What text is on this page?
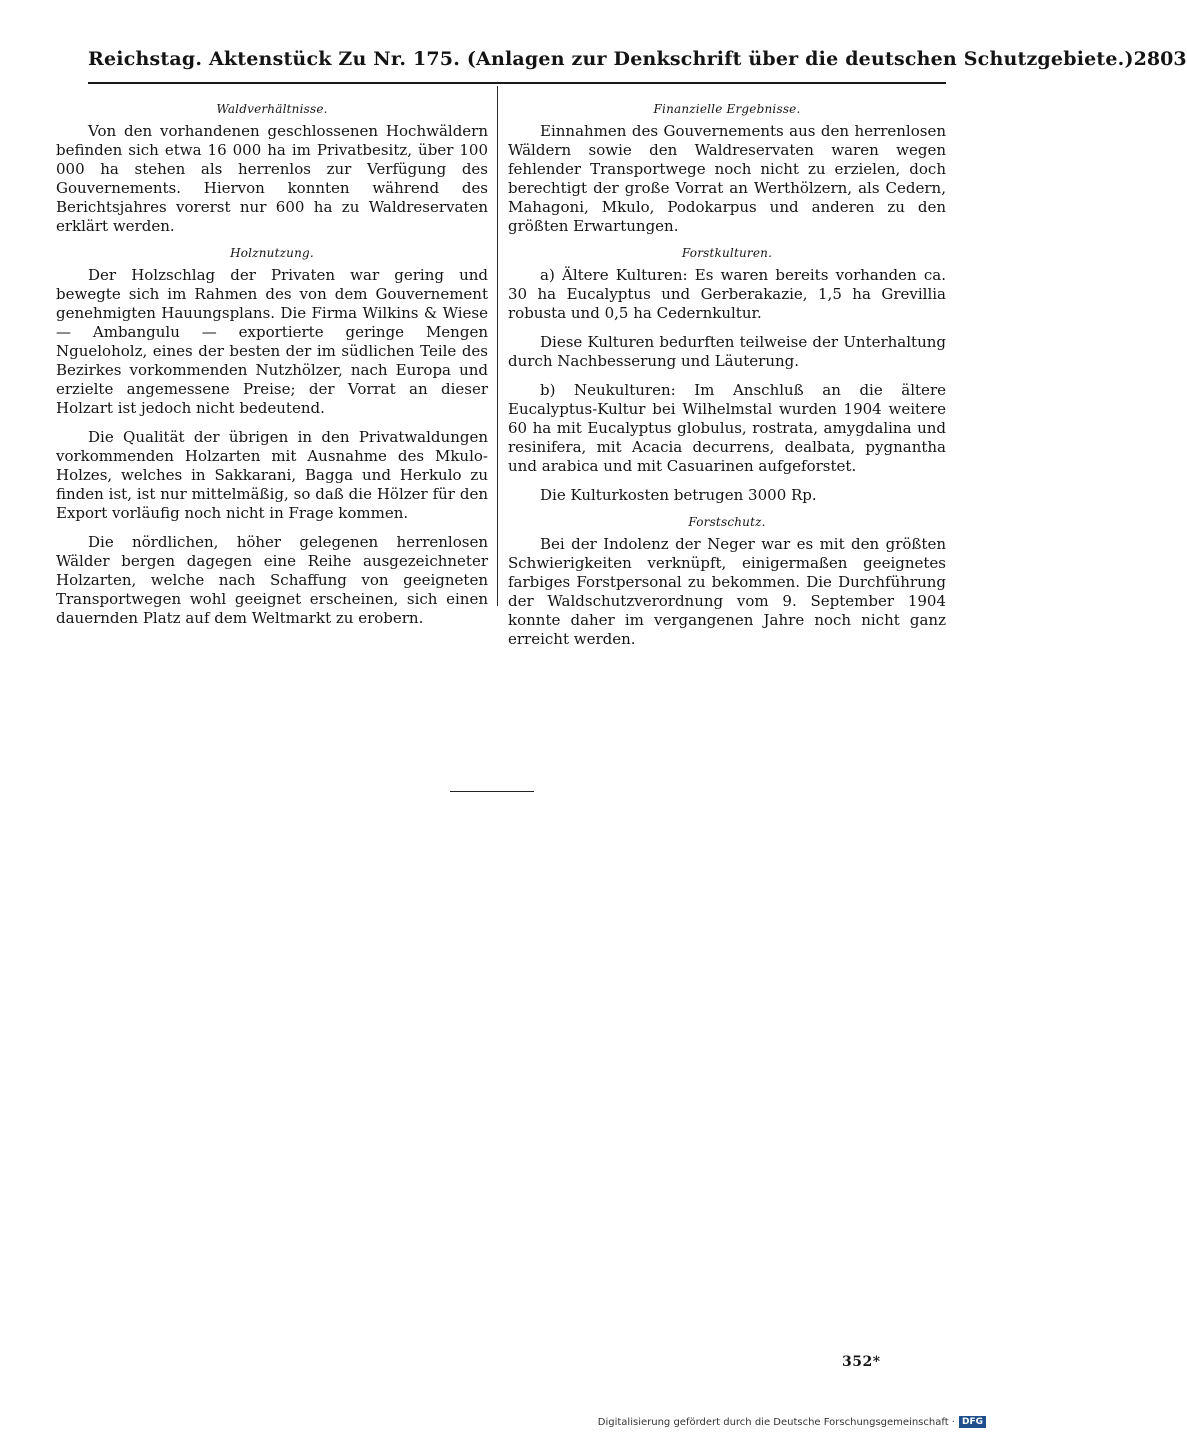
Reichstag. Aktenstück Zu Nr. 175. (Anlagen zur Denkschrift über die deutschen Schutzgebiete.) 2803
Waldverhältnisse.

Von den vorhandenen geschlossenen Hochwäldern befinden sich etwa 16 000 ha im Privatbesitz, über 100 000 ha stehen als herrenlos zur Verfügung des Gouvernements. Hiervon konnten während des Berichtsjahres vorerst nur 600 ha zu Waldreservaten erklärt werden.

Holznutzung.

Der Holzschlag der Privaten war gering und bewegte sich im Rahmen des von dem Gouvernement genehmigten Hauungsplans. Die Firma Wilkins & Wiese — Ambangulu — exportierte geringe Mengen Ngueloholz, eines der besten der im südlichen Teile des Bezirkes vorkommenden Nutzhölzer, nach Europa und erzielte angemessene Preise; der Vorrat an dieser Holzart ist jedoch nicht bedeutend.

Die Qualität der übrigen in den Privatwaldungen vorkommenden Holzarten mit Ausnahme des Mkulo-Holzes, welches in Sakkarani, Bagga und Herkulo zu finden ist, ist nur mittelmäßig, so daß die Hölzer für den Export vorläufig noch nicht in Frage kommen.

Die nördlichen, höher gelegenen herrenlosen Wälder bergen dagegen eine Reihe ausgezeichneter Holzarten, welche nach Schaffung von geeigneten Transportwegen wohl geeignet erscheinen, sich einen dauernden Platz auf dem Weltmarkt zu erobern.

Finanzielle Ergebnisse.

Einnahmen des Gouvernements aus den herrenlosen Wäldern sowie den Waldreservaten waren wegen fehlender Transportwege noch nicht zu erzielen, doch berechtigt der große Vorrat an Werthölzern, als Cedern, Mahagoni, Mkulo, Podokarpus und anderen zu den größten Erwartungen.

Forstkulturen.

a) Ältere Kulturen: Es waren bereits vorhanden ca. 30 ha Eucalyptus und Gerberakazie, 1,5 ha Grevillia robusta und 0,5 ha Cedernkultur.

Diese Kulturen bedurften teilweise der Unterhaltung durch Nachbesserung und Läuterung.

b) Neukulturen: Im Anschluß an die ältere Eucalyptus-Kultur bei Wilhelmstal wurden 1904 weitere 60 ha mit Eucalyptus globulus, rostrata, amygdalina und resinifera, mit Acacia decurrens, dealbata, pygnantha und arabica und mit Casuarinen aufgeforstet.

Die Kulturkosten betrugen 3000 Rp.

Forstschutz.

Bei der Indolenz der Neger war es mit den größten Schwierigkeiten verknüpft, einigermaßen geeignetes farbiges Forstpersonal zu bekommen. Die Durchführung der Waldschutzverordnung vom 9. September 1904 konnte daher im vergangenen Jahre noch nicht ganz erreicht werden.

352*
Digitalisierung gefördert durch die Deutsche Forschungsgemeinschaft · DFG
